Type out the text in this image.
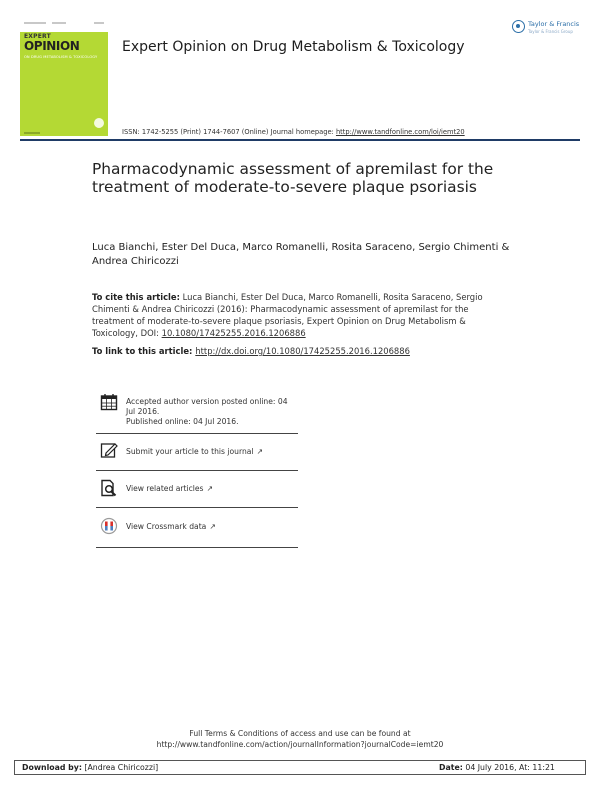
EXPERT
OPINION
ON DRUG METABOLISM & TOXICOLOGY
Expert Opinion on Drug Metabolism & Toxicology
Taylor & Francis
Taylor & Francis Group
ISSN: 1742-5255 (Print) 1744-7607 (Online) Journal homepage: http://www.tandfonline.com/loi/iemt20
Pharmacodynamic assessment of apremilast for the treatment of moderate-to-severe plaque psoriasis
Luca Bianchi, Ester Del Duca, Marco Romanelli, Rosita Saraceno, Sergio Chimenti & Andrea Chiricozzi
To cite this article: Luca Bianchi, Ester Del Duca, Marco Romanelli, Rosita Saraceno, Sergio Chimenti & Andrea Chiricozzi (2016): Pharmacodynamic assessment of apremilast for the treatment of moderate-to-severe plaque psoriasis, Expert Opinion on Drug Metabolism & Toxicology, DOI: 10.1080/17425255.2016.1206886
To link to this article: http://dx.doi.org/10.1080/17425255.2016.1206886
Accepted author version posted online: 04 Jul 2016.
Published online: 04 Jul 2016.
Submit your article to this journal ↗
View related articles ↗
View Crossmark data ↗
Full Terms & Conditions of access and use can be found at
http://www.tandfonline.com/action/journalInformation?journalCode=iemt20
Download by: [Andrea Chiricozzi]	Date: 04 July 2016, At: 11:21
